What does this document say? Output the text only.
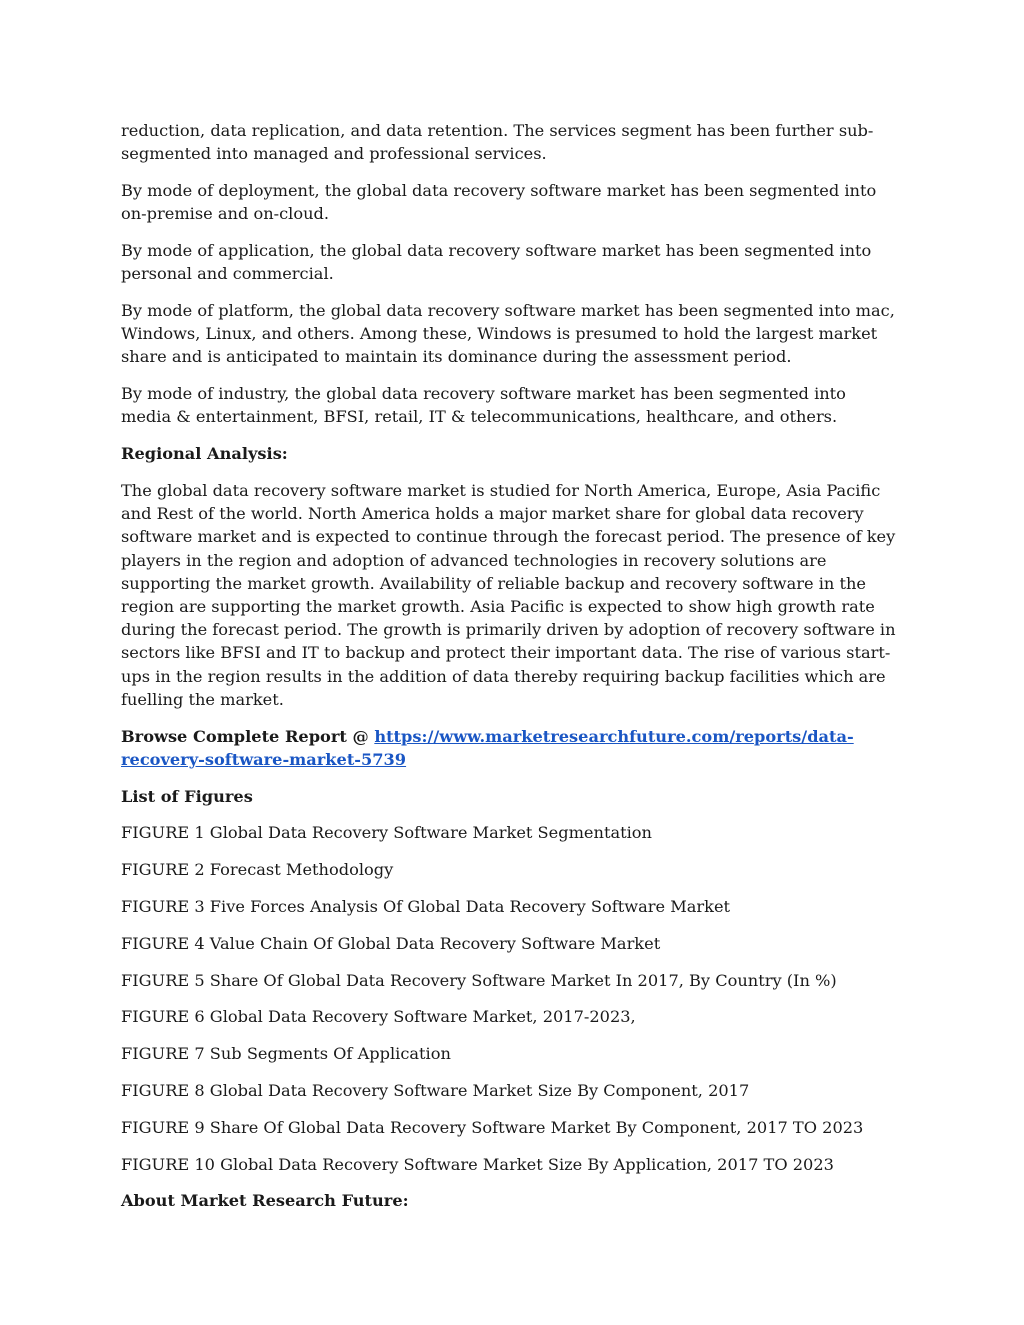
reduction, data replication, and data retention. The services segment has been further sub-segmented into managed and professional services.

By mode of deployment, the global data recovery software market has been segmented into on-premise and on-cloud.

By mode of application, the global data recovery software market has been segmented into personal and commercial.

By mode of platform, the global data recovery software market has been segmented into mac, Windows, Linux, and others. Among these, Windows is presumed to hold the largest market share and is anticipated to maintain its dominance during the assessment period.

By mode of industry, the global data recovery software market has been segmented into media & entertainment, BFSI, retail, IT & telecommunications, healthcare, and others.

Regional Analysis:

The global data recovery software market is studied for North America, Europe, Asia Pacific and Rest of the world. North America holds a major market share for global data recovery software market and is expected to continue through the forecast period. The presence of key players in the region and adoption of advanced technologies in recovery solutions are supporting the market growth. Availability of reliable backup and recovery software in the region are supporting the market growth. Asia Pacific is expected to show high growth rate during the forecast period. The growth is primarily driven by adoption of recovery software in sectors like BFSI and IT to backup and protect their important data. The rise of various start-ups in the region results in the addition of data thereby requiring backup facilities which are fuelling the market.

Browse Complete Report @ https://www.marketresearchfuture.com/reports/data-recovery-software-market-5739

List of Figures

FIGURE 1 Global Data Recovery Software Market Segmentation

FIGURE 2 Forecast Methodology

FIGURE 3 Five Forces Analysis Of Global Data Recovery Software Market

FIGURE 4 Value Chain Of Global Data Recovery Software Market

FIGURE 5 Share Of Global Data Recovery Software Market In 2017, By Country (In %)

FIGURE 6 Global Data Recovery Software Market, 2017-2023,

FIGURE 7 Sub Segments Of Application

FIGURE 8 Global Data Recovery Software Market Size By Component, 2017

FIGURE 9 Share Of Global Data Recovery Software Market By Component, 2017 TO 2023

FIGURE 10 Global Data Recovery Software Market Size By Application, 2017 TO 2023

About Market Research Future:
